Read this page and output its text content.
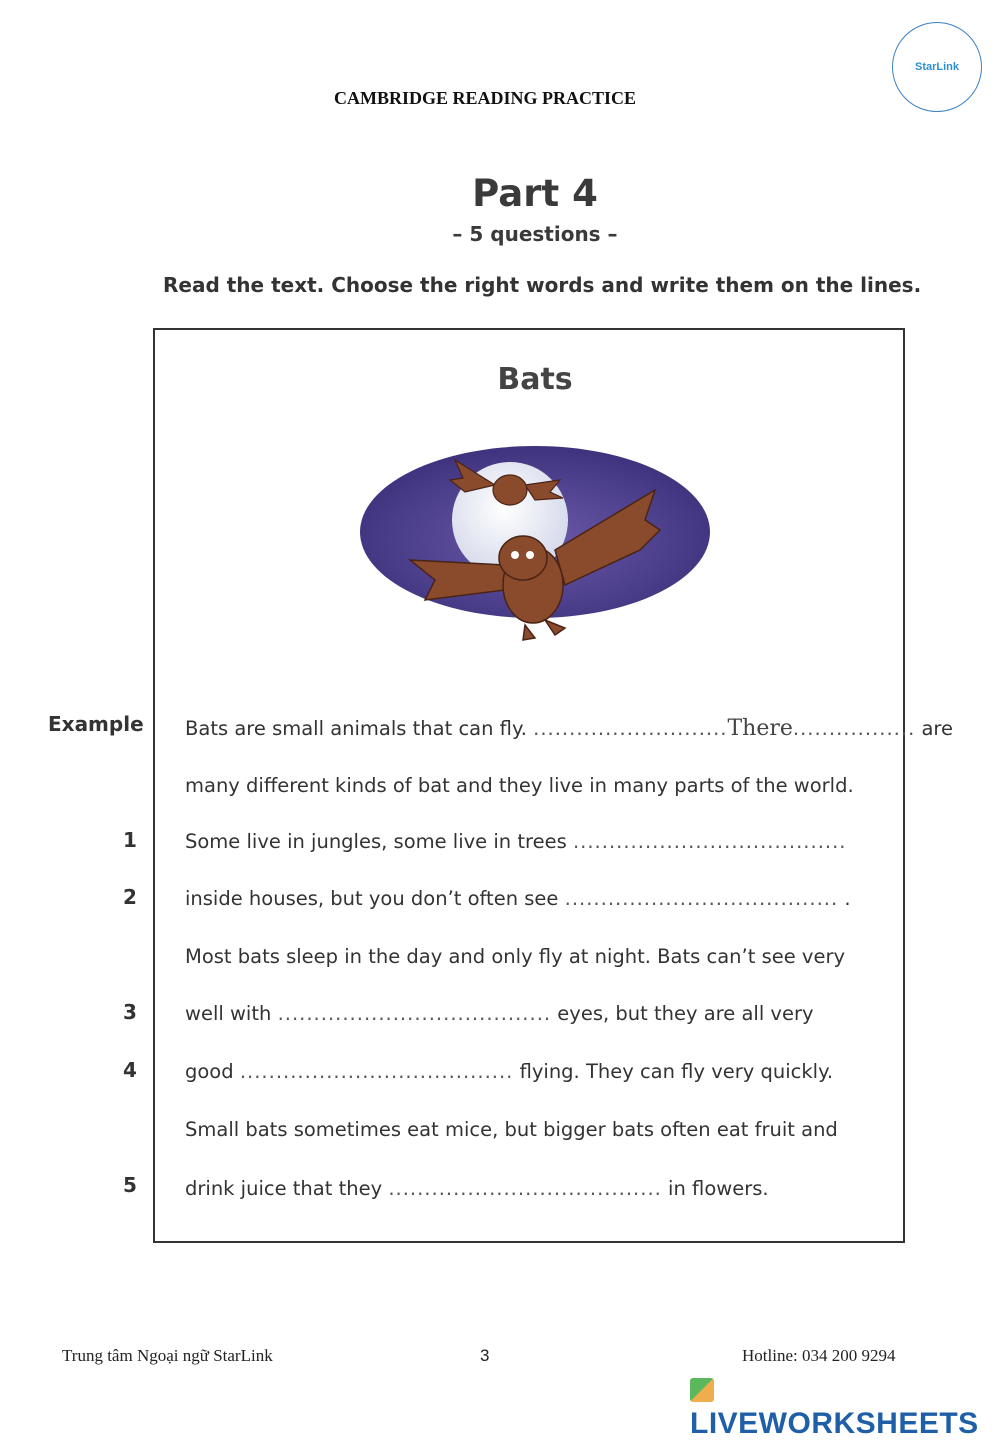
CAMBRIDGE READING PRACTICE
StarLink
Part 4
– 5 questions –
Read the text. Choose the right words and write them on the lines.
Bats
Example Bats are small animals that can fly. ...........................There................. are
many different kinds of bat and they live in many parts of the world.
1 Some live in jungles, some live in trees ......................................
2 inside houses, but you don’t often see ...................................... .
Most bats sleep in the day and only fly at night. Bats can’t see very
3 well with ...................................... eyes, but they are all very
4 good ...................................... flying. They can fly very quickly.
Small bats sometimes eat mice, but bigger bats often eat fruit and
5 drink juice that they ...................................... in flowers.
Trung tâm Ngoại ngữ StarLink	3	Hotline: 034 200 9294
LIVEWORKSHEETS
